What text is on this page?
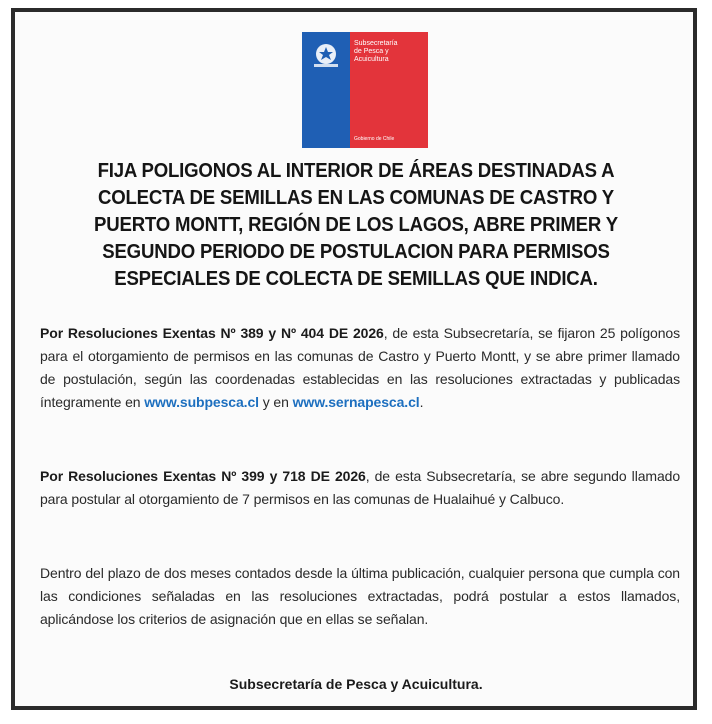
Subsecretaría
de Pesca y
Acuicultura
Gobierno de Chile
FIJA POLIGONOS AL INTERIOR DE ÁREAS DESTINADAS A
COLECTA DE SEMILLAS EN LAS COMUNAS DE CASTRO Y
PUERTO MONTT, REGIÓN DE LOS LAGOS, ABRE PRIMER Y
SEGUNDO PERIODO DE POSTULACION PARA PERMISOS
ESPECIALES DE COLECTA DE SEMILLAS QUE INDICA.
Por Resoluciones Exentas Nº 389 y Nº 404 DE 2026, de esta Subsecretaría, se fijaron 25 polígonos para el otorgamiento de permisos en las comunas de Castro y Puerto Montt, y se abre primer llamado de postulación, según las coordenadas establecidas en las resoluciones extractadas y publicadas íntegramente en www.subpesca.cl y en www.sernapesca.cl.
Por Resoluciones Exentas Nº 399 y 718 DE 2026, de esta Subsecretaría, se abre segundo llamado para postular al otorgamiento de 7 permisos en las comunas de Hualaihué y Calbuco.
Dentro del plazo de dos meses contados desde la última publicación, cualquier persona que cumpla con las condiciones señaladas en las resoluciones extractadas, podrá postular a estos llamados, aplicándose los criterios de asignación que en ellas se señalan.
Subsecretaría de Pesca y Acuicultura.
